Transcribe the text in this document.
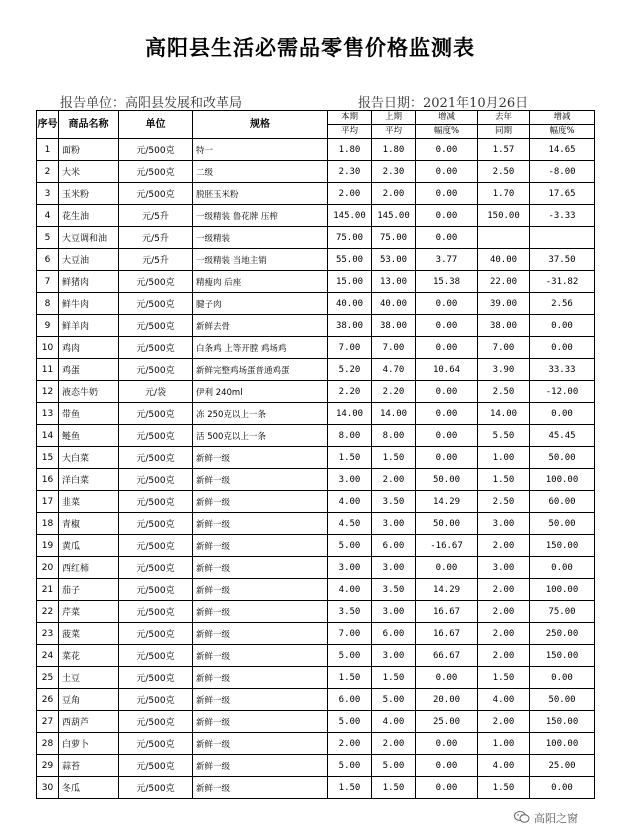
高阳县生活必需品零售价格监测表
报告单位：高阳县发展和改革局	报告日期：2021年10月26日
序号	商品名称	单位	规格	本期	上期	增减	去年	增减
				平均	平均	幅度%	同期	幅度%
1	面粉	元/500克	特一	1.80	1.80	0.00	1.57	14.65
2	大米	元/500克	二级	2.30	2.30	0.00	2.50	-8.00
3	玉米粉	元/500克	脱胚玉米粉	2.00	2.00	0.00	1.70	17.65
4	花生油	元/5升	一级精装 鲁花牌 压榨	145.00	145.00	0.00	150.00	-3.33
5	大豆调和油	元/5升	一级精装	75.00	75.00	0.00		
6	大豆油	元/5升	一级精装 当地主销	55.00	53.00	3.77	40.00	37.50
7	鲜猪肉	元/500克	精瘦肉 后座	15.00	13.00	15.38	22.00	-31.82
8	鲜牛肉	元/500克	腱子肉	40.00	40.00	0.00	39.00	2.56
9	鲜羊肉	元/500克	新鲜去骨	38.00	38.00	0.00	38.00	0.00
10	鸡肉	元/500克	白条鸡 上等开膛 鸡场鸡	7.00	7.00	0.00	7.00	0.00
11	鸡蛋	元/500克	新鲜完整鸡场蛋普通鸡蛋	5.20	4.70	10.64	3.90	33.33
12	液态牛奶	元/袋	伊利 240ml	2.20	2.20	0.00	2.50	-12.00
13	带鱼	元/500克	冻 250克以上一条	14.00	14.00	0.00	14.00	0.00
14	鲢鱼	元/500克	活 500克以上一条	8.00	8.00	0.00	5.50	45.45
15	大白菜	元/500克	新鲜一级	1.50	1.50	0.00	1.00	50.00
16	洋白菜	元/500克	新鲜一级	3.00	2.00	50.00	1.50	100.00
17	韭菜	元/500克	新鲜一级	4.00	3.50	14.29	2.50	60.00
18	青椒	元/500克	新鲜一级	4.50	3.00	50.00	3.00	50.00
19	黄瓜	元/500克	新鲜一级	5.00	6.00	-16.67	2.00	150.00
20	西红柿	元/500克	新鲜一级	3.00	3.00	0.00	3.00	0.00
21	茄子	元/500克	新鲜一级	4.00	3.50	14.29	2.00	100.00
22	芹菜	元/500克	新鲜一级	3.50	3.00	16.67	2.00	75.00
23	菠菜	元/500克	新鲜一级	7.00	6.00	16.67	2.00	250.00
24	菜花	元/500克	新鲜一级	5.00	3.00	66.67	2.00	150.00
25	土豆	元/500克	新鲜一级	1.50	1.50	0.00	1.50	0.00
26	豆角	元/500克	新鲜一级	6.00	5.00	20.00	4.00	50.00
27	西葫芦	元/500克	新鲜一级	5.00	4.00	25.00	2.00	150.00
28	白萝卜	元/500克	新鲜一级	2.00	2.00	0.00	1.00	100.00
29	蒜苔	元/500克	新鲜一级	5.00	5.00	0.00	4.00	25.00
30	冬瓜	元/500克	新鲜一级	1.50	1.50	0.00	1.50	0.00
高阳之窗
